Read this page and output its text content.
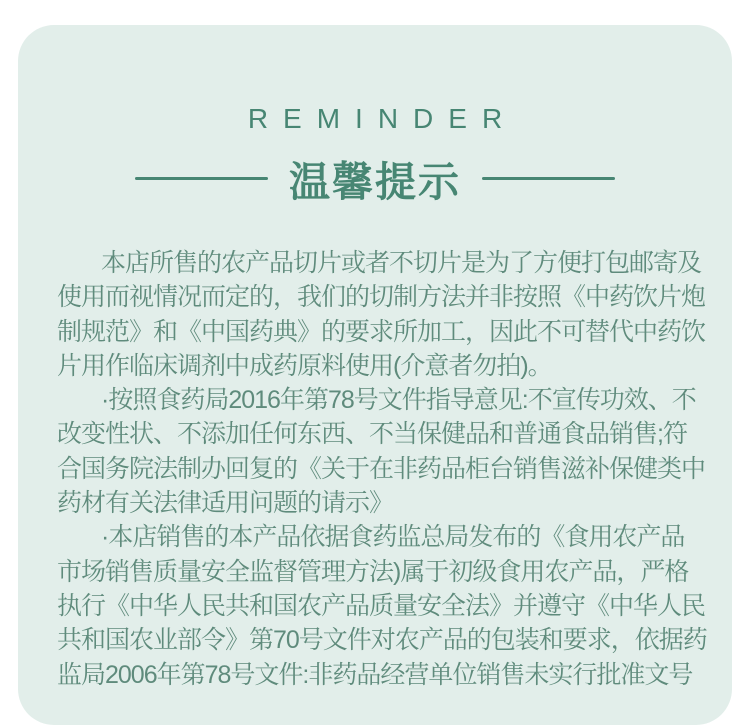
REMINDER
温馨提示
本店所售的农产品切片或者不切片是为了方便打包邮寄及
使用而视情况而定的，我们的切制方法并非按照《中药饮片炮
制规范》和《中国药典》的要求所加工，因此不可替代中药饮
片用作临床调剂中成药原料使用(介意者勿拍)。
·按照食药局2016年第78号文件指导意见:不宣传功效、不
改变性状、不添加任何东西、不当保健品和普通食品销售;符
合国务院法制办回复的《关于在非药品柜台销售滋补保健类中
药材有关法律适用问题的请示》
·本店销售的本产品依据食药监总局发布的《食用农产品
市场销售质量安全监督管理方法)属于初级食用农产品，严格
执行《中华人民共和国农产品质量安全法》并遵守《中华人民
共和国农业部令》第70号文件对农产品的包装和要求，依据药
监局2006年第78号文件:非药品经营单位销售未实行批准文号
